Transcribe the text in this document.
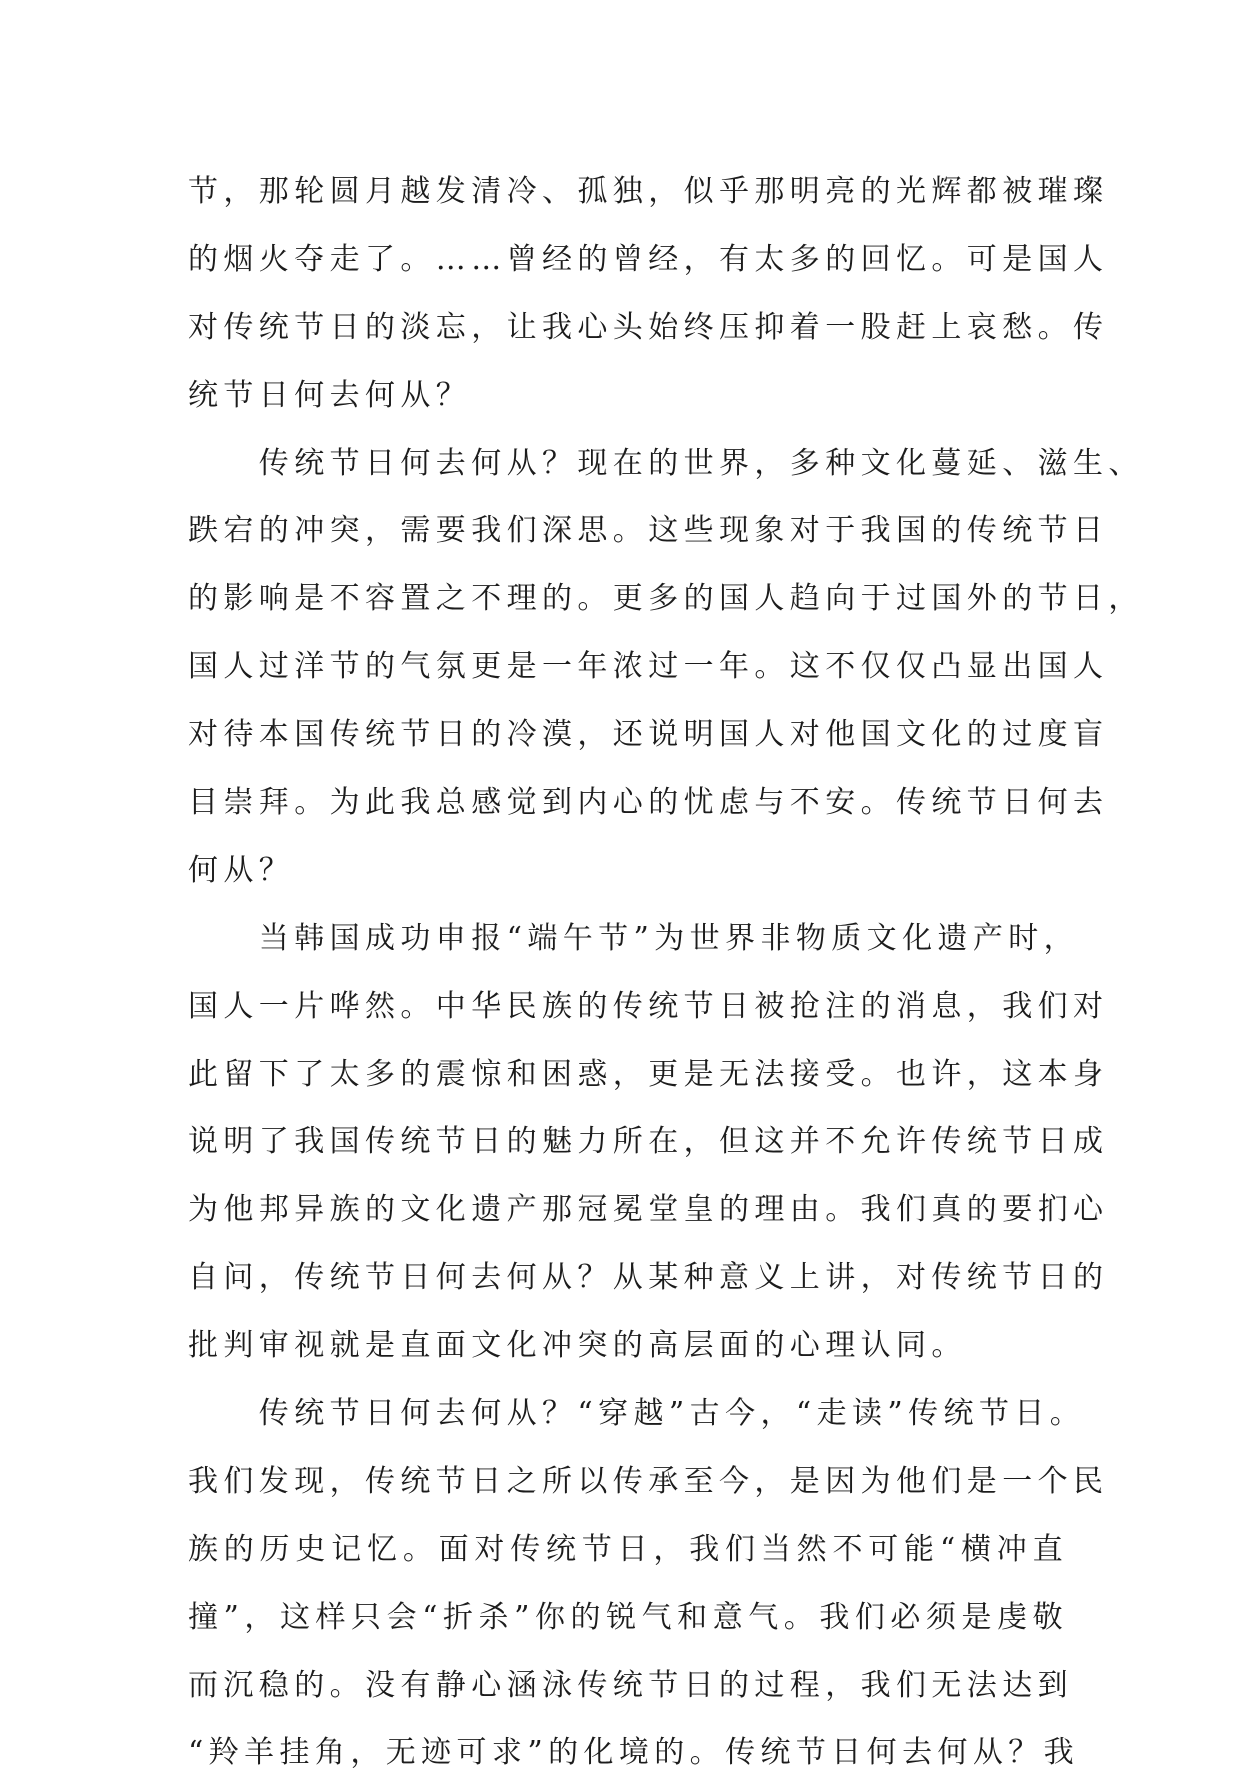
节，那轮圆月越发清冷、孤独，似乎那明亮的光辉都被璀璨
的烟火夺走了。……曾经的曾经，有太多的回忆。可是国人
对传统节日的淡忘，让我心头始终压抑着一股赶上哀愁。传
统节日何去何从？
　　传统节日何去何从？现在的世界，多种文化蔓延、滋生、
跌宕的冲突，需要我们深思。这些现象对于我国的传统节日
的影响是不容置之不理的。更多的国人趋向于过国外的节日，
国人过洋节的气氛更是一年浓过一年。这不仅仅凸显出国人
对待本国传统节日的冷漠，还说明国人对他国文化的过度盲
目崇拜。为此我总感觉到内心的忧虑与不安。传统节日何去
何从？
　　当韩国成功申报“端午节”为世界非物质文化遗产时，
国人一片哗然。中华民族的传统节日被抢注的消息，我们对
此留下了太多的震惊和困惑，更是无法接受。也许，这本身
说明了我国传统节日的魅力所在，但这并不允许传统节日成
为他邦异族的文化遗产那冠冕堂皇的理由。我们真的要扪心
自问，传统节日何去何从？从某种意义上讲，对传统节日的
批判审视就是直面文化冲突的高层面的心理认同。
　　传统节日何去何从？“穿越”古今，“走读”传统节日。
我们发现，传统节日之所以传承至今，是因为他们是一个民
族的历史记忆。面对传统节日，我们当然不可能“横冲直
撞”，这样只会“折杀”你的锐气和意气。我们必须是虔敬
而沉稳的。没有静心涵泳传统节日的过程，我们无法达到
“羚羊挂角，无迹可求”的化境的。传统节日何去何从？我
